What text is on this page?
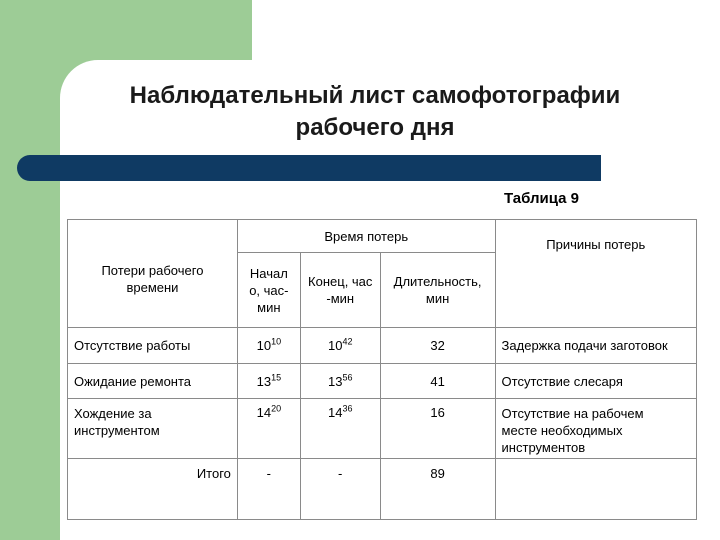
Наблюдательный лист самофотографии
рабочего дня
Таблица 9
Потери рабочего времени	Время потерь			Причины потерь

	Начал о, час-мин	Конец, час -мин	Длительность, мин	

Отсутствие работы	$10^{10}$	$10^{42}$	32	Задержка подачи заготовок

Ожидание ремонта	$13^{15}$	$13^{56}$	41	Отсутствие слесаря

Хождение за инструментом	$14^{20}$	$14^{36}$	16	Отсутствие на рабочем месте необходимых инструментов

Итого	-	-	89	
